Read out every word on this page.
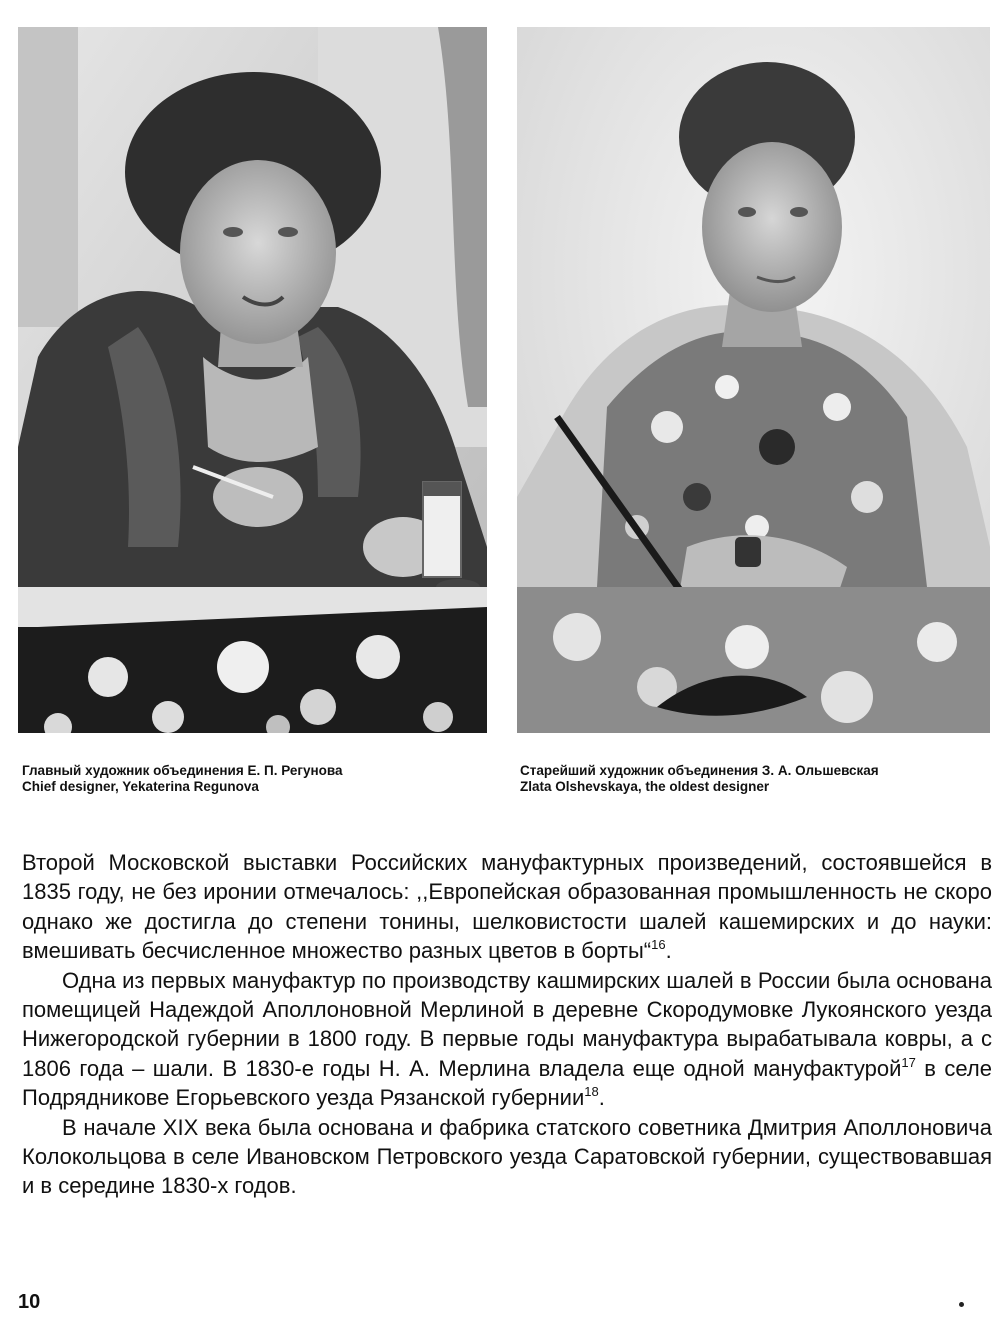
Главный художник объединения Е. П. Регунова
Chief designer, Yekaterina Regunova
Старейший художник объединения З. А. Ольшевская
Zlata Olshevskaya, the oldest designer

Второй Московской выставки Российских мануфактурных произведений, состоявшейся в 1835 году, не без иронии отмечалось: ,,Европейская образованная промышленность не скоро однако же достигла до степени тонины, шелковистости шалей кашемирских и до науки: вмешивать бесчисленное множество разных цветов в борты“$^{16}$.

Одна из первых мануфактур по производству кашмирских шалей в России была основана помещицей Надеждой Аполлоновной Мерлиной в деревне Скородумовке Лукоянского уезда Нижегородской губернии в 1800 году. В первые годы мануфактура вырабатывала ковры, а с 1806 года – шали. В 1830-е годы Н. А. Мерлина владела еще одной мануфактурой$^{17}$ в селе Подрядникове Егорьевского уезда Рязанской губернии$^{18}$.

В начале XIX века была основана и фабрика статского советника Дмитрия Аполлоновича Колокольцова в селе Ивановском Петровского уезда Саратовской губернии, существовавшая и в середине 1830-х годов.

10
